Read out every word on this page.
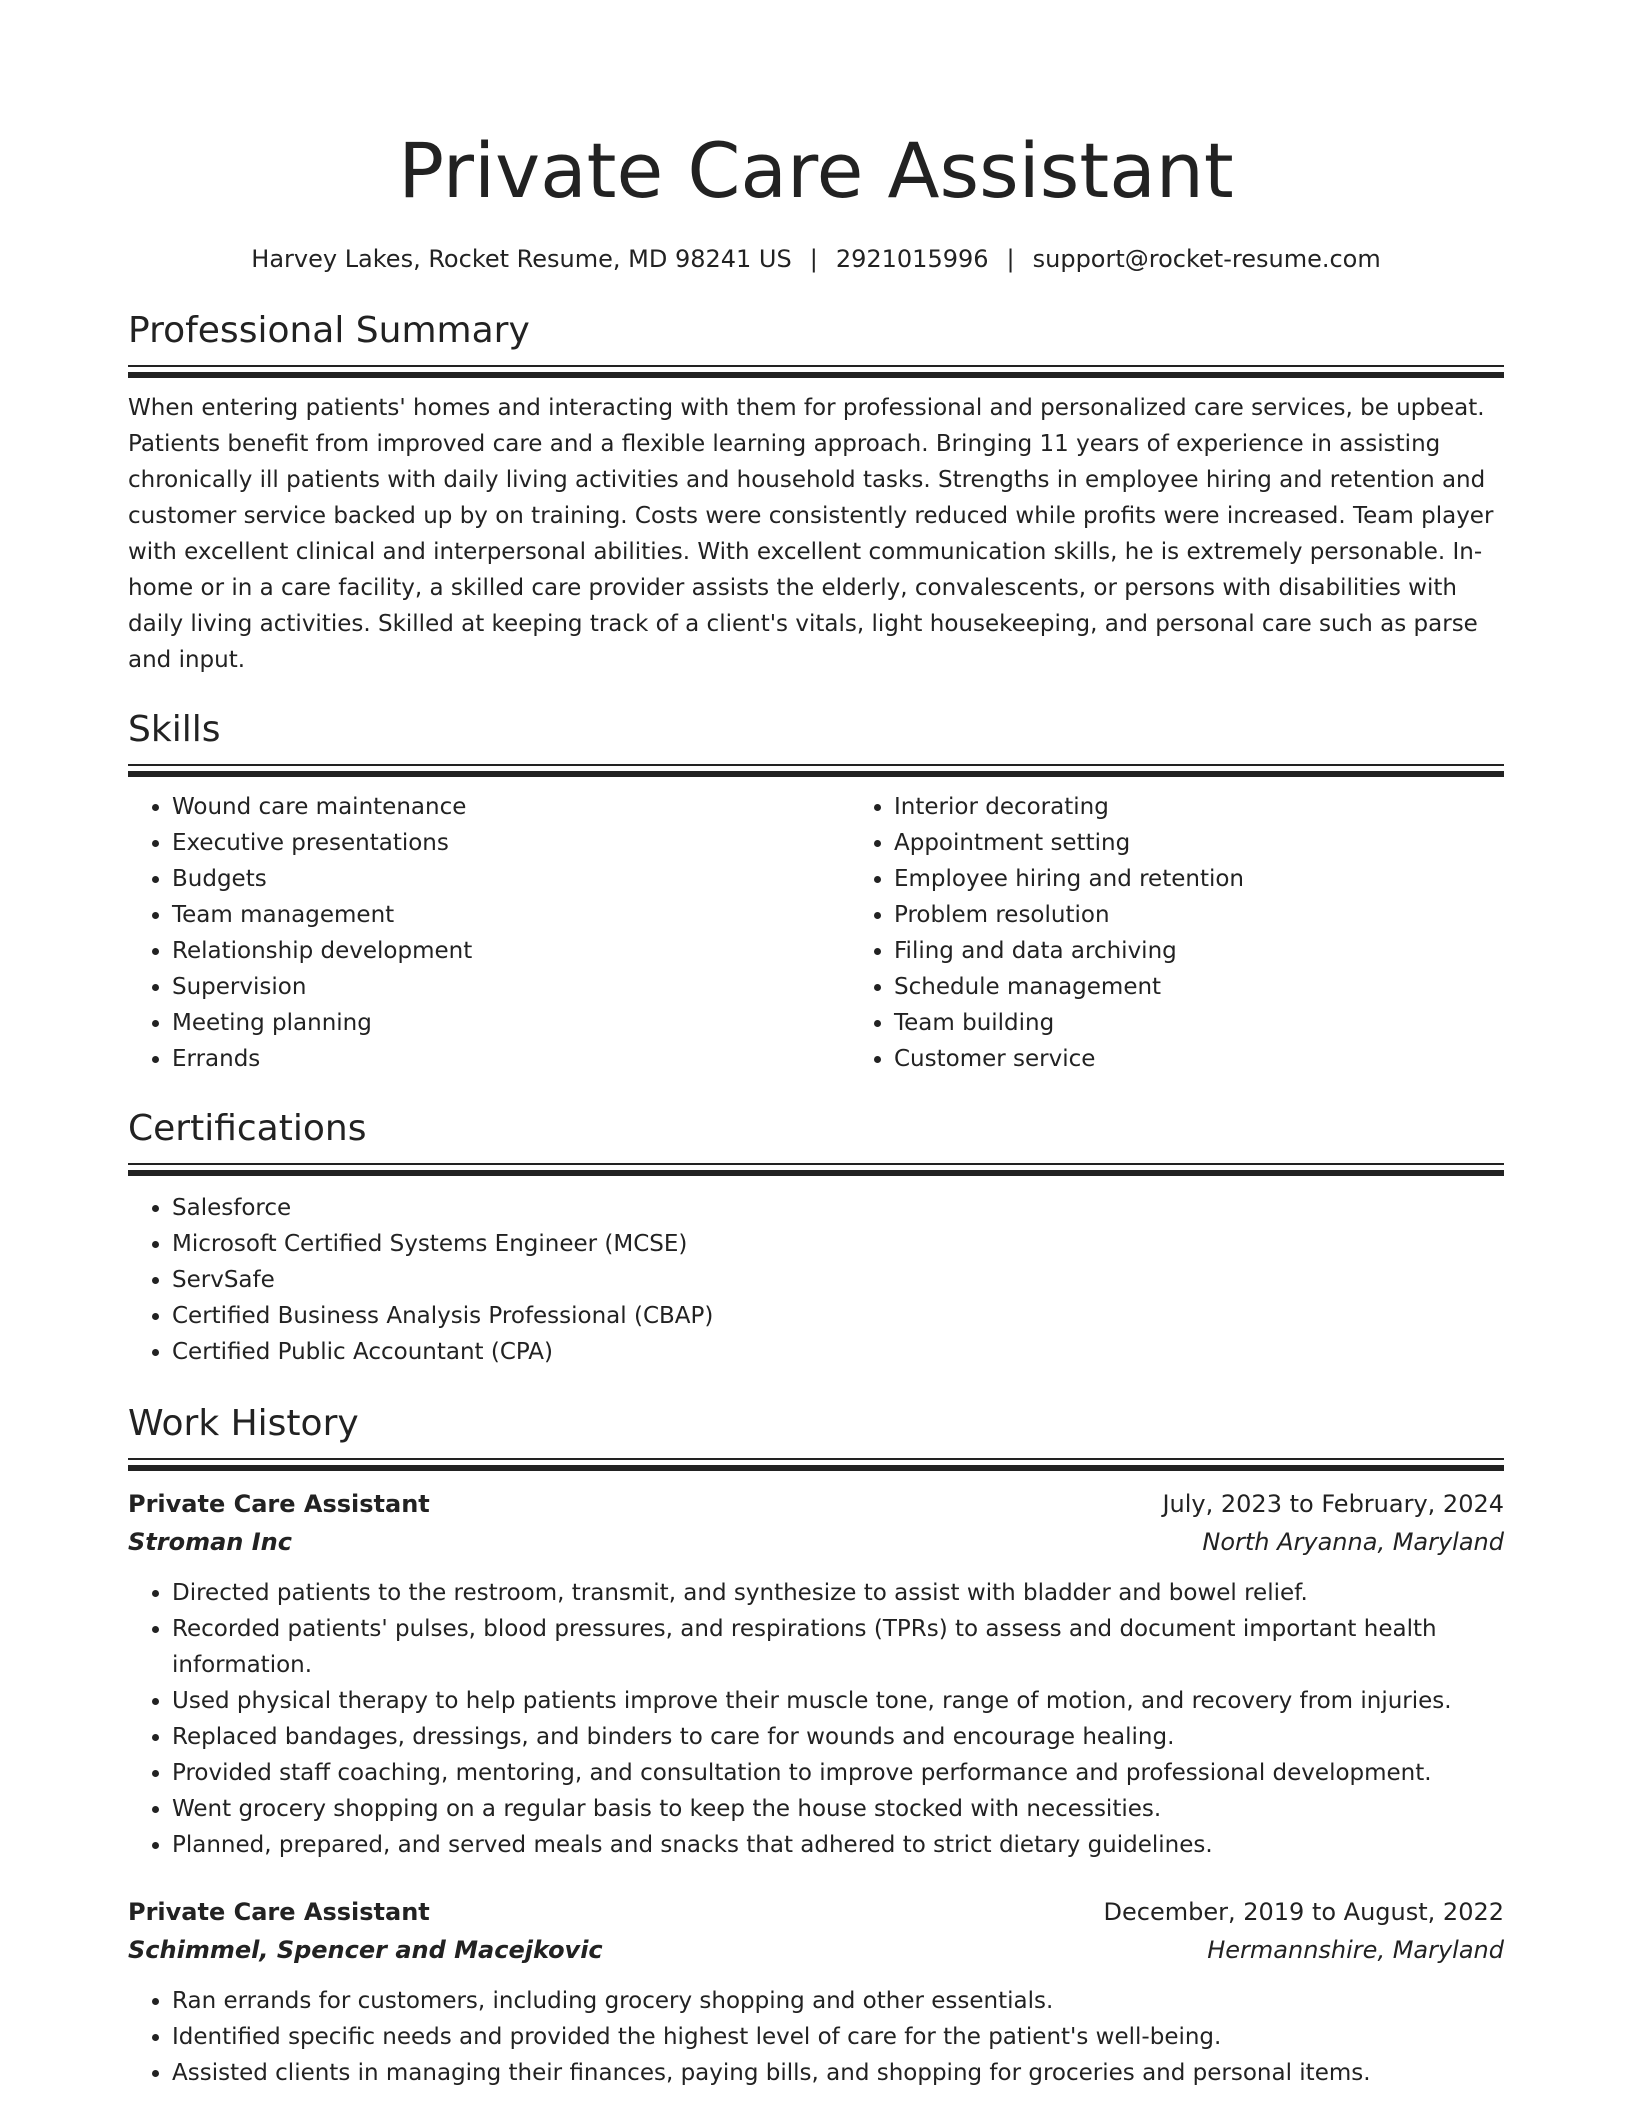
Private Care Assistant
Harvey Lakes, Rocket Resume, MD 98241 US | 2921015996 | support@rocket-resume.com
Professional Summary

When entering patients' homes and interacting with them for professional and personalized care services, be upbeat. Patients benefit from improved care and a flexible learning approach. Bringing 11 years of experience in assisting chronically ill patients with daily living activities and household tasks. Strengths in employee hiring and retention and customer service backed up by on training. Costs were consistently reduced while profits were increased. Team player with excellent clinical and interpersonal abilities. With excellent communication skills, he is extremely personable. In-home or in a care facility, a skilled care provider assists the elderly, convalescents, or persons with disabilities with daily living activities. Skilled at keeping track of a client's vitals, light housekeeping, and personal care such as parse and input.

Skills
• Wound care maintenance
• Executive presentations
• Budgets
• Team management
• Relationship development
• Supervision
• Meeting planning
• Errands
• Interior decorating
• Appointment setting
• Employee hiring and retention
• Problem resolution
• Filing and data archiving
• Schedule management
• Team building
• Customer service
Certifications
• Salesforce
• Microsoft Certified Systems Engineer (MCSE)
• ServSafe
• Certified Business Analysis Professional (CBAP)
• Certified Public Accountant (CPA)
Work History
Private Care Assistant	July, 2023 to February, 2024
Stroman Inc	North Aryanna, Maryland
• Directed patients to the restroom, transmit, and synthesize to assist with bladder and bowel relief.
• Recorded patients' pulses, blood pressures, and respirations (TPRs) to assess and document important health information.
• Used physical therapy to help patients improve their muscle tone, range of motion, and recovery from injuries.
• Replaced bandages, dressings, and binders to care for wounds and encourage healing.
• Provided staff coaching, mentoring, and consultation to improve performance and professional development.
• Went grocery shopping on a regular basis to keep the house stocked with necessities.
• Planned, prepared, and served meals and snacks that adhered to strict dietary guidelines.
Private Care Assistant	December, 2019 to August, 2022
Schimmel, Spencer and Macejkovic	Hermannshire, Maryland
• Ran errands for customers, including grocery shopping and other essentials.
• Identified specific needs and provided the highest level of care for the patient's well-being.
• Assisted clients in managing their finances, paying bills, and shopping for groceries and personal items.
